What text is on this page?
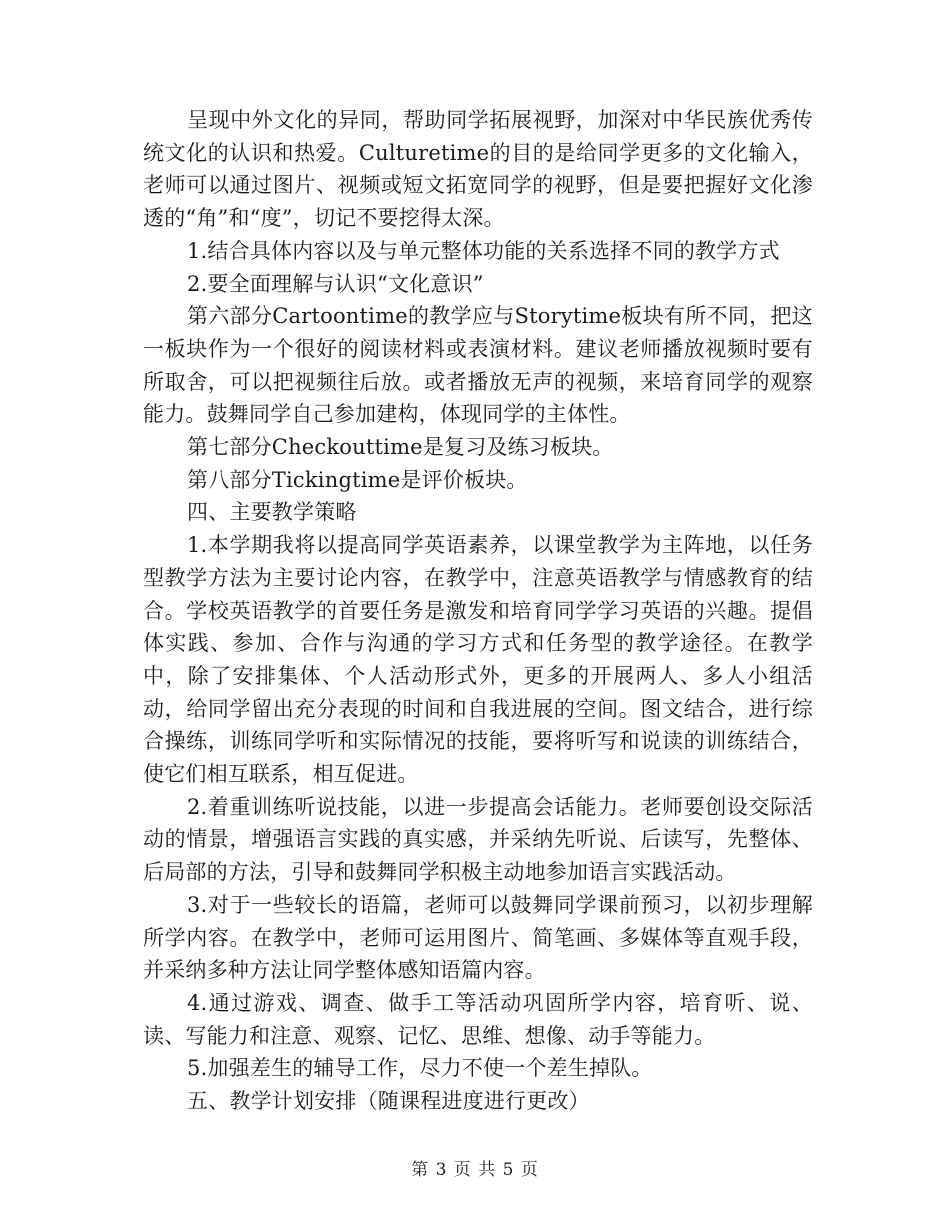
呈现中外文化的异同，帮助同学拓展视野，加深对中华民族优秀传统文化的认识和热爱。Culturetime的目的是给同学更多的文化输入，老师可以通过图片、视频或短文拓宽同学的视野，但是要把握好文化渗透的“角”和“度”，切记不要挖得太深。

1.结合具体内容以及与单元整体功能的关系选择不同的教学方式

2.要全面理解与认识“文化意识”

第六部分Cartoontime的教学应与Storytime板块有所不同，把这一板块作为一个很好的阅读材料或表演材料。建议老师播放视频时要有所取舍，可以把视频往后放。或者播放无声的视频，来培育同学的观察能力。鼓舞同学自己参加建构，体现同学的主体性。

第七部分Checkouttime是复习及练习板块。

第八部分Tickingtime是评价板块。

四、主要教学策略

1.本学期我将以提高同学英语素养，以课堂教学为主阵地，以任务型教学方法为主要讨论内容，在教学中，注意英语教学与情感教育的结合。学校英语教学的首要任务是激发和培育同学学习英语的兴趣。提倡体实践、参加、合作与沟通的学习方式和任务型的教学途径。在教学中，除了安排集体、个人活动形式外，更多的开展两人、多人小组活动，给同学留出充分表现的时间和自我进展的空间。图文结合，进行综合操练，训练同学听和实际情况的技能，要将听写和说读的训练结合，使它们相互联系，相互促进。

2.着重训练听说技能，以进一步提高会话能力。老师要创设交际活动的情景，增强语言实践的真实感，并采纳先听说、后读写，先整体、后局部的方法，引导和鼓舞同学积极主动地参加语言实践活动。

3.对于一些较长的语篇，老师可以鼓舞同学课前预习，以初步理解所学内容。在教学中，老师可运用图片、简笔画、多媒体等直观手段，并采纳多种方法让同学整体感知语篇内容。

4.通过游戏、调查、做手工等活动巩固所学内容，培育听、说、读、写能力和注意、观察、记忆、思维、想像、动手等能力。

5.加强差生的辅导工作，尽力不使一个差生掉队。

五、教学计划安排（随课程进度进行更改）

第 3 页 共 5 页
